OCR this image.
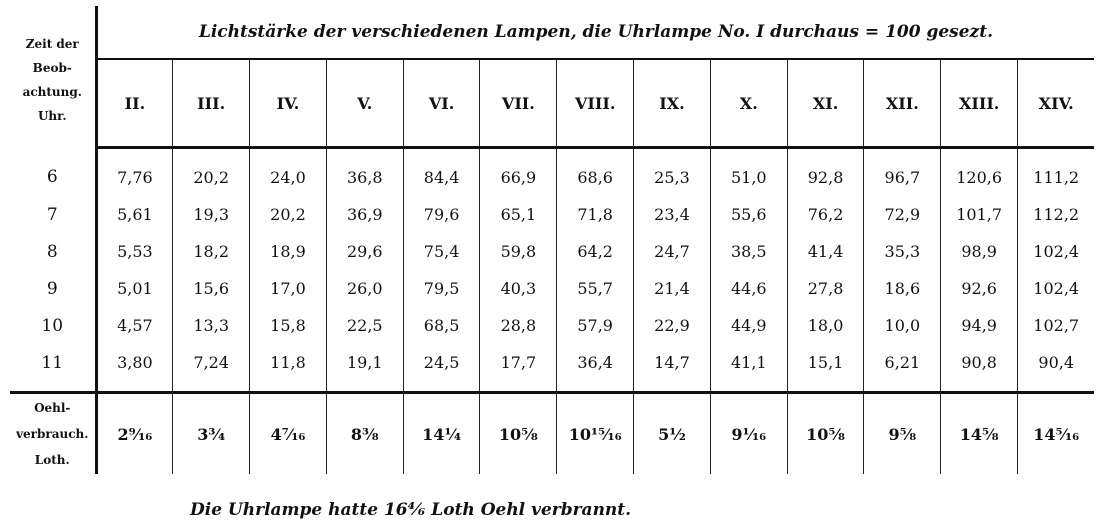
Zeit der
Beob-
achtung.
Uhr.	Lichtstärke der verschiedenen Lampen, die Uhrlampe No. I durchaus = 100 gesezt.												
	II.	III.	IV.	V.	VI.	VII.	VIII.	IX.	X.	XI.	XII.	XIII.	XIV.
6	7,76	20,2	24,0	36,8	84,4	66,9	68,6	25,3	51,0	92,8	96,7	120,6	111,2
7	5,61	19,3	20,2	36,9	79,6	65,1	71,8	23,4	55,6	76,2	72,9	101,7	112,2
8	5,53	18,2	18,9	29,6	75,4	59,8	64,2	24,7	38,5	41,4	35,3	98,9	102,4
9	5,01	15,6	17,0	26,0	79,5	40,3	55,7	21,4	44,6	27,8	18,6	92,6	102,4
10	4,57	13,3	15,8	22,5	68,5	28,8	57,9	22,9	44,9	18,0	10,0	94,9	102,7
11	3,80	7,24	11,8	19,1	24,5	17,7	36,4	14,7	41,1	15,1	6,21	90,8	90,4

Oehl-
verbrauch.
Loth.	2⁹⁄₁₆	3³⁄₄	4⁷⁄₁₆	8³⁄₈	14¹⁄₄	10⁵⁄₈	10¹⁵⁄₁₆	5¹⁄₂	9¹⁄₁₆	10⁵⁄₈	9⁵⁄₈	14⁵⁄₈	14⁵⁄₁₆
Die Uhrlampe hatte 16⁴⁄₆ Loth Oehl verbrannt.
